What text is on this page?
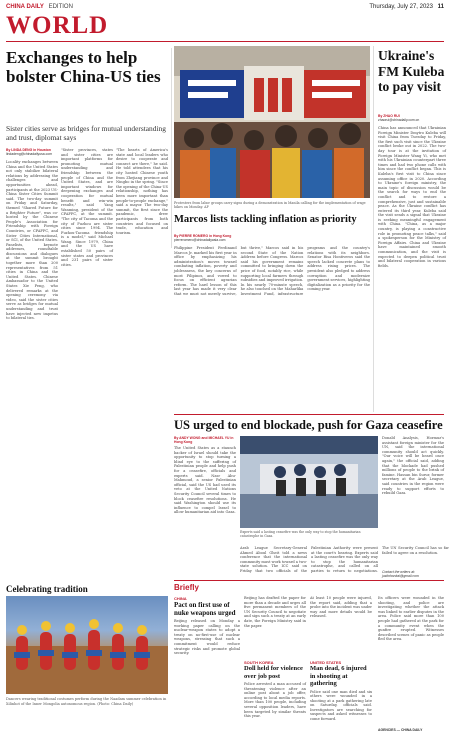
CHINA DAILY EDITION	Thursday, July 27, 2023 11
WORLD
Exchanges to help bolster China-US ties
Sister cities serve as bridges for mutual understanding and trust, diplomat says
By LINDA DENG in Houston
lindadeng@chinadailyusa.com
Locality exchanges between China and the United States not only stabilize bilateral relations by addressing the challenges and opportunities ahead, participants at the 2023 US-China Sister Cities Summit said. The two-day summit on Friday and Saturday, themed "Shared Future for a Brighter Future", was co-hosted by the Chinese People's Association for Friendship with Foreign Countries, or CPAFFC, and Sister Cities International, or SCI, of the United States. Panelists, keynote addresses, roundtable discussions and dialogues at the summit brought together more than 200 representatives from 51 cities in China and the United States. Chinese Ambassador to the United States Xie Feng, who delivered remarks at the opening ceremony via video, said the sister cities serve as bridges for mutual understanding and trust have injected new impetus to bilateral ties.
"Sister provinces, states and sister cities are important platforms for promoting mutual understanding and friendship between the people of China and the United States, and are important windows for deepening exchanges and cooperation for mutual benefit and win-win results," said Yang Wanming, president of the CPAFFC, at the summit. "The city of Tacoma and the city of Fuzhou are sister cities since 1994. The Fuzhou-Tacoma friendship is a model," said Michael Wang. Since 1979, China and the US have established 50 pairs of sister states and provinces and 231 pairs of sister cities.
"The hearts of America's state and local leaders who desire to cooperate and connect are there," he said. He told attendees that his city hosted Chinese youth from Zhejiang province and Ningbo in the spring. "Since the opening of the China-US relationship, nothing has been more important than people-to-people exchange," said a mayor. The two-day summit, the first since the pandemic, drew participants from both countries and focused on trade, education and tourism.
Celebrating tradition
Dancers wearing traditional costumes perform during the Naadam summer celebration in Xilinhot of the Inner Mongolia autonomous region. (Photo: China Daily)
Protesters from labor groups carry signs during a demonstration in Manila calling for the implementation of wage hikes on Monday. AP
Marcos lists tackling inflation as priority
By PIERRE ROMERO in Hong Kong
pierreromero@chinadailyasia.com
Philippine President Ferdinand Marcos Jr. marked his first year in office by emphasizing his administration's moves toward combating inflation, poverty and joblessness, the key concerns of most Filipinos, and vowed to focus on efficient agrarian reform. The hard lesson of this last year has made it very clear that we must not merely survive, but thrive," Marcos said in his second State of the Nation Address before Congress. Marcos said his government remains committed to bringing down the price of food, notably rice, while supporting local farmers through subsidies and improved irrigation. In his nearly 70-minute speech, he also touched on the Maharlika Investment Fund, infrastructure programs and the country's relations with its neighbors. Senator Risa Hontiveros said the speech lacked concrete plans to address rising prices. The president also pledged to address corruption and modernize government services, highlighting digitalization as a priority for the coming year.
US urged to end blockade, push for Gaza ceasefire
By ANDY WONG and MICHAEL YU in Hong Kong
The United States as a staunch backer of Israel should take the opportunity to stop turning a blind eye to the suffering of Palestinian people and help push for a ceasefire, officials and experts said. Nasr Abu-Mahmoud, a senior Palestinian official, said the US had used its veto at the United Nations Security Council several times to block ceasefire resolutions. He said Washington should use its influence to compel Israel to allow humanitarian aid into Gaza.
Experts said a lasting ceasefire was the only way to stop the humanitarian catastrophe in Gaza.
Arab League Secretary-General Ahmed Aboul Gheit told a news conference that the international community must work toward a two-state solution. The ICC said on Friday that two officials of the Palestinian Authority were present at the court's hearing. Experts said a lasting ceasefire was the only way to stop the humanitarian catastrophe, and called on all parties to return to negotiations. The UN Security Council has so far failed to agree on a resolution.
Ukraine's FM Kuleba to pay visit
By ZHAO RUI
zhaorui@chinadaily.com.cn
China has announced that Ukrainian Foreign Minister Dmytro Kuleba will visit China from Tuesday to Friday, the first such visit since the Ukraine conflict broke out in 2022. The two-day tour is at the invitation of Foreign Minister Wang Yi, who met with his Ukrainian counterpart three times and had two phone calls with him since the conflict began. This is Kuleba's first visit to China since assuming office in 2020. According to Ukraine's foreign ministry, the main topic of discussion would be the search for ways to end the conflict and to restore a comprehensive, just and sustainable peace. As the Ukraine conflict has entered its third year, Kuleba said the visit sends a signal that Ukraine is seeking meaningful engagement with China. "China, as a major country, is playing a constructive role in promoting peace talks," said a spokesperson for the Ministry of Foreign Affairs. China and Ukraine have maintained smooth communication, and the visit is expected to deepen political trust and bilateral cooperation in various fields.
Donald Analysis, Hormuz's assistant foreign minister for the UN, said the international community should act quickly. "Our voice will be heard once again," the official said, adding that the blockade had pushed millions of people to the brink of famine. Hassan bin Surur, former secretary at the Arab League, said countries in the region were ready to support efforts to rebuild Gaza.
Contact the writers at: justinhonkai@gmail.com
Briefly
CHINA
Pact on first use of nuke weapons urged
Beijing released on Monday a working paper calling on the nuclear-weapon states to adopt a treaty on no-first-use of nuclear weapons, stressing that such a commitment would reduce strategic risks and promote global security.
Beijing has drafted the paper for more than a decade and urges all five permanent members of the UN Security Council to negotiate and sign such a treaty at an early date, the Foreign Ministry said in the paper.
SOUTH KOREA
Doll held for violence over job post
Police arrested a man accused of threatening violence after an online post about a job offer, according to local media reports. More than 100 people, including several opposition leaders, have been targeted by similar threats this year.
UNITED STATES
Man dead, 6 injured in shooting at gathering
Police said one man died and six others were wounded in a shooting at a park gathering late on Saturday, officials said. Investigators are searching for suspects and asked witnesses to come forward.
At least 10 people were injured, the report said, adding that a probe into the incident was under way and more details would be released.
Its officers were wounded in the shooting, and police are investigating whether the attack was linked to earlier disputes in the area. Police said more than 100 people had gathered at the park for a community event when the gunfire erupted. Witnesses described scenes of panic as people fled the area.
AGENCIES — CHINA DAILY
